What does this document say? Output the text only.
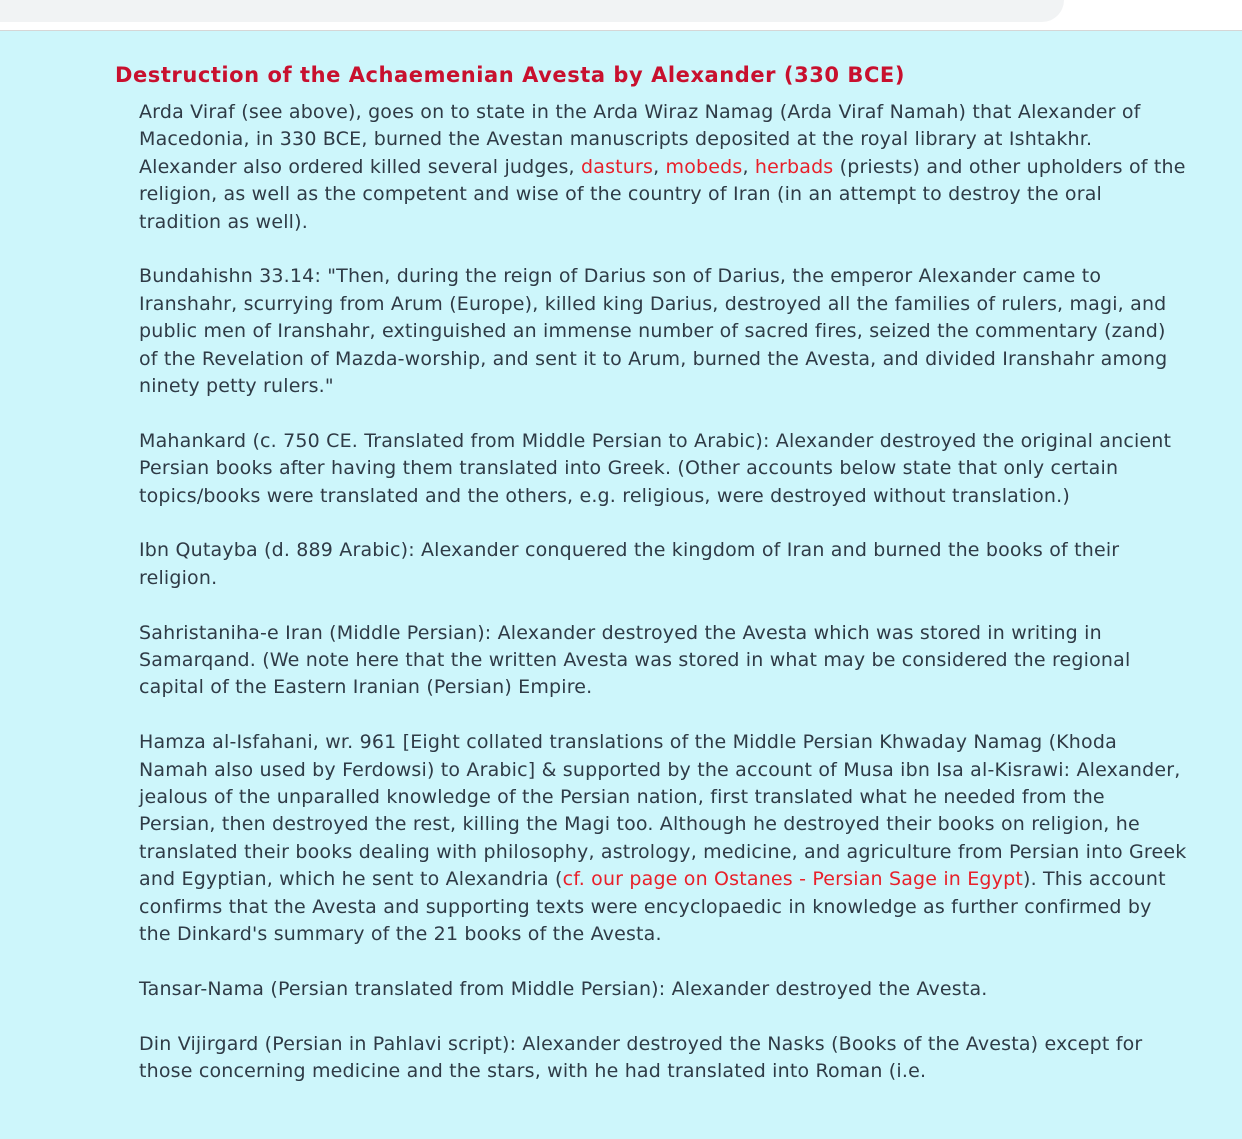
Destruction of the Achaemenian Avesta by Alexander (330 BCE)

Arda Viraf (see above), goes on to state in the Arda Wiraz Namag (Arda Viraf Namah) that Alexander of Macedonia, in 330 BCE, burned the Avestan manuscripts deposited at the royal library at Ishtakhr. Alexander also ordered killed several judges, dasturs, mobeds, herbads (priests) and other upholders of the religion, as well as the competent and wise of the country of Iran (in an attempt to destroy the oral tradition as well).

Bundahishn 33.14: "Then, during the reign of Darius son of Darius, the emperor Alexander came to Iranshahr, scurrying from Arum (Europe), killed king Darius, destroyed all the families of rulers, magi, and public men of Iranshahr, extinguished an immense number of sacred fires, seized the commentary (zand) of the Revelation of Mazda-worship, and sent it to Arum, burned the Avesta, and divided Iranshahr among ninety petty rulers."

Mahankard (c. 750 CE. Translated from Middle Persian to Arabic): Alexander destroyed the original ancient Persian books after having them translated into Greek. (Other accounts below state that only certain topics/books were translated and the others, e.g. religious, were destroyed without translation.)

Ibn Qutayba (d. 889 Arabic): Alexander conquered the kingdom of Iran and burned the books of their religion.

Sahristaniha-e Iran (Middle Persian): Alexander destroyed the Avesta which was stored in writing in Samarqand. (We note here that the written Avesta was stored in what may be considered the regional capital of the Eastern Iranian (Persian) Empire.

Hamza al-Isfahani, wr. 961 [Eight collated translations of the Middle Persian Khwaday Namag (Khoda Namah also used by Ferdowsi) to Arabic] & supported by the account of Musa ibn Isa al-Kisrawi: Alexander, jealous of the unparalled knowledge of the Persian nation, first translated what he needed from the Persian, then destroyed the rest, killing the Magi too. Although he destroyed their books on religion, he translated their books dealing with philosophy, astrology, medicine, and agriculture from Persian into Greek and Egyptian, which he sent to Alexandria (cf. our page on Ostanes - Persian Sage in Egypt). This account confirms that the Avesta and supporting texts were encyclopaedic in knowledge as further confirmed by the Dinkard's summary of the 21 books of the Avesta.

Tansar-Nama (Persian translated from Middle Persian): Alexander destroyed the Avesta.

Din Vijirgard (Persian in Pahlavi script): Alexander destroyed the Nasks (Books of the Avesta) except for those concerning medicine and the stars, with he had translated into Roman (i.e.
